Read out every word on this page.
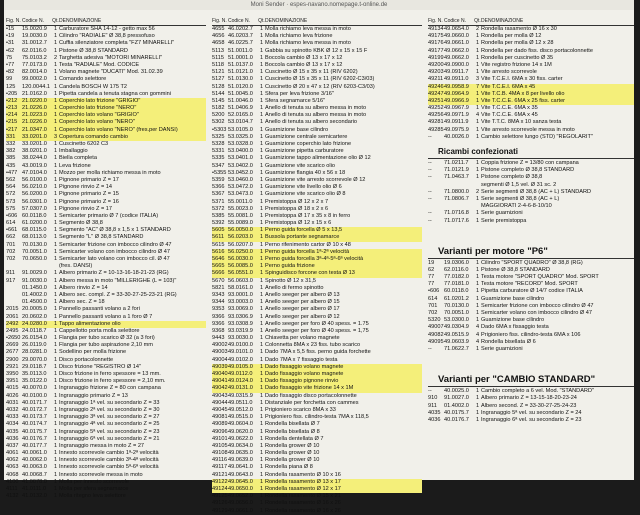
Moni Sender · espes-navano.nomepage.t-online.de
Fig. N. Codice N.	Qt. DENOMINAZIONE
•15	15.0020.9	1 Carburatore SHA 14-12 - getto max 56
•19	19.0030.0	1 Cilindro "RADIALE" Ø 38,8 pressofuso
•31	31.0012.7	1 Cuffia silenziatore completa "FZ7 MINARELLI"
•62	62.0116.0	1 Pistone Ø 38,8 STANDARD
75	75.0103.2	2 Targhetta adesiva "MOTORI MINARELLI"
•77	77.0173.0	1 Testa "RADIALE" Mod. CODICE
•82	82.0014.0	1 Volano magnete "DUCATI" Mod. 31.02.39
99	99.0002.0	1 Comando selettore
125	120.0044.1 1 Candela BOSCH W 175 T2
•205 21.0162.0	1 Pipetta candela a tenuta stagna con gommini
•212 21.0220.0	1 Coperchio lato frizione "GRIGIO"
•213 21.0226.0	1 Coperchio lato frizione "NERO"
•214 21.0223.0	1 Coperchio lato volano "GRIGIO"
•215 21.0226.0	1 Coperchio lato volano "NERO"
•217 21.0347.0	1 Coperchio lato volano "NERO" (fres.per DANSI)
331	33.0201.0	3 Copertura comando cambio
332	33.0201.0	1 Cuscinetto 6202 C3
382	38.0201.0	1 Imballaggio
385	38.0244.0	1 Biella completa
435	43.0019.0	1 Leva frizione
•477 47.0104.0	1 Mozzo per molla richiamo messa in moto
562	56.0100.0	1 Pignone primario Z = 17
564	56.0210.0	1 Pignone rinvio Z = 14
572	56.0200.0	1 Pignone primario Z = 15
573	56.0301.0	1 Pignone primario Z = 16
575	57.0307.0	1 Pignone rinvio Z = 17
•606 60.0118.0	1 Semicarter primario Ø 7 (codice ITALIA)
614	61.0200.0	1 Segmento Ø 38,8
•661 68.0115.0	1 Segmento "AC" Ø 38,8 x 1,5 x 1 STANDARD
662	68.0113.0	1 Segmento "L" Ø 38,8 STANDARD
701	70.0130.0	1 Semicarter frizione con imbocco cilindro Ø 47
702	70.0051.0	1 Semicarter volano con imbocco cilindro Ø 47
702	70.0650.0	1 Semicarter lato volano con imbocco cil. Ø 47
(fres. DANSI)
911	91.0029.0	1 Albero primario Z = 10-13-16-18-21-23 (RG)
917	91.0030.0	1 Albero messa in moto "MILLERIGHE (L = 103)"
01.1450.0	1 Albero rinvio Z = 14
01.4002.0	1 Albero sec. compl. Z = 33-30-27-25-23-21 (RG)
01.4500.0	1 Albero sec. Z = 18
2015 20.0005.0	1 Pannello passanti volano a 2 fori
2061 20.0602.0	1 Pannello passanti volano a 1 foro Ø 7
2492 24.0280.0	1 Tappo alimentazione olio
2495 24.0118.7	1 Cappellotto porta molla selettore
•2650 26.0154.0	1 Flangia per tubo scarico Ø 32 (a 3 fori)
2669 26.0119.0	1 Flangia per tubo aspirazione 2,10 mm
2677 28.0281.0	1 Sodellino per molla frizione
2900 29.0070.0	1 Disco portacolonnette
2921 29.0118.7	1 Disco frizione "REGISTRO Ø 14"
3950 35.0113.0	1 Disco frizione in ferro spessore = 13 mm.
3951 35.0122.0	1 Disco frizione in ferro spessore = 2,10 mm.
4015 40.0070.0	1 Ingranaggio frizione Z = 80 con campana
4026 40.0100.0	1 Ingranaggio primario Z = 13
4031 40.0171.7	1 Ingranaggio 1ª vel. su secondario Z = 33
4032 40.0172.7	1 Ingranaggio 2ª vel. su secondario Z = 30
4033 40.0173.7	1 Ingranaggio 3ª vel. su secondario Z = 27
4034 40.0174.7	1 Ingranaggio 4ª vel. su secondario Z = 25
4035 40.0175.7	1 Ingranaggio 5ª vel. su secondario Z = 23
4036 40.0176.7	1 Ingranaggio 6ª vel. su secondario Z = 21
4037 40.0177.7	1 Ingranaggio messa in moto Z = 27
4061 40.0061.0	1 Innesto scorrevole cambio 1ª-2ª velocità
4062 40.0062.0	1 Innesto scorrevole cambio 3ª-4ª velocità
4063 40.0063.0	1 Innesto scorrevole cambio 5ª-6ª velocità
4068 40.0068.7	1 Innesto scorrevole messa in moto
4100 41.0078.0	1 Molla per innesto scorrevole
4111 41.0111.0	1 Molla per sfera segnamarce
4132 41.0132.0	1 Molla ritegno leva selettore
Fig. N. Codice N.	Qt. DENOMINAZIONE
4655 46.0202.7	1 Molla richiamo leva messa in moto
4656 46.0203.7	1 Molla richiamo leva frizione
4658 46.0225.7	1 Molla richiamo leva messa in moto
5113 51.0011.0	1 Gabbia su spinotto KBK Ø 12 x 15 x 15 F
5115 51.0001.0	1 Boccola cambio Ø 13 x 17 x 12
5118 51.0137.0	1 Boccola cambio Ø 13 x 17 x 12
5121 51.0121.0	1 Cuscinetto Ø 15 x 35 x 11 (RIV 6202)
5127 51.0130.0	1 Cuscinetto Ø 15 x 35 x 11 (RIV 6202-C3/03)
5128 51.0120.0	1 Cuscinetto Ø 20 x 47 x 12 (RIV 6203-C3/03)
5144 51.0045.0	1 Sfera per leva frizione 3/16"
5145 51.0046.0	1 Sfera segnamarce 5/16"
5182 51.0406.9	1 Anello di tenuta su albero messa in moto
5200 52.0165.0	1 Anello di tenuta su albero messa in moto
5302 53.0104.7	1 Anello di tenuta su albero secondario
•5303 53.0105.0	1 Guarnizione base cilindro
5325 53.0325.0	1 Guarnizione centrale semicartere
5328 53.0328.0	1 Guarnizione coperchio lato frizione
5331 53.0400.0	1 Guarnizione pipetta carburatore
5335 53.0401.0	1 Guarnizione tappo alimentazione olio Ø 12
5347 53.0402.0	1 Guarnizione vite scarico olio
•5355 53.0452.0	1 Guarnizione flangia 40 x 56 x 18
5359 53.0460.0	1 Guarnizione vite arresto scorrevole Ø 12
5366 53.0472.0	1 Guarnizione vite livello olio Ø 6
5367 53.0473.0	1 Guarnizione vite scarico olio Ø 8
5371 55.0011.0	1 Premistoppa Ø 12 x 2 x 7
5372 55.0023.0	1 Premistoppa Ø 18 x 2 x 6
5385 55.0081.0	1 Premistoppa Ø 17 x 35 x 8 in ferro
5392 55.0089.0	1 Premistoppa Ø 12 x 15 x 6
5605 56.0050.0	1 Perno guida forcella Ø 5 x 13,5
5611 56.0203.0	1 Bussola portante segnamarce
5615 56.0207.0	1 Perno rifenimento cartor Ø 10 x 48
5616 56.0250.0	1 Perno guida forcella 1ª-2ª velocità
5646 56.0030.0	1 Perno guida forcella 3ª-4ª-5ª-6ª velocità
5665 56.0085.0	1 Perno guida frizione
5666 56.0551.0	1 Spinguidisco forcone con testa Ø 13
5670 56.0603.0	1 Spinotto Ø 12 x 31,5
5821 58.0161.0	1 Anello di fermo spinotto
9343 93.0001.0	1 Anello seeger per albero Ø 13
9344 93.0003.0	1 Anello seeger per albero Ø 15
9353 93.0069.0	1 Anello seeger per albero Ø 17
9366 93.0306.9	1 Anello seeger per albero Ø 12
9366 93.0308.9	1 Anello seeger per foro Ø 40 spess. = 1.75
9368 93.0319.9	1 Anello seeger per foro Ø 40 spess. = 1,75
9443 93.0030.0	1 Chiavetta per volano magnete
49002 49.0100.0	1 Colonnetta 8MA x 23 fiss. tubo scarico
49003 49.0101.0	1 Dado 7MA x 5,5 fiss. perno guida forchette
49004 49.0102.0	1 Dado 7MA x 7 fissaggio testa
49039 49.0105.0	1 Dado fissaggio volano magnete
49040 49.0112.0	1 Dado fissaggio volano magnete
49041 49.0124.0	1 Dado fissaggio pignone rinvio
49042 49.0131.0	1 Dado fissaggio vite frizione 14 x 1M
49043 49.0315.9	1 Dado fissaggio disco portacolonnette
49044 49.0511.0	1 Distanziale per forchetta con cammes
49045 49.0512.0	1 Prigioniero scarico 8MA x 33
49081 49.0515.0	1 Prigioniero fiss. cilindro-testa 7MA x 118,5
49089 49.0604.0	1 Rondella bisellata Ø 7
49096 49.0620.0	1 Rondella bisellata Ø 8
49101 49.0622.0	1 Rondella dentellata Ø 7
49105 49.0634.0	1 Rondella grower Ø 10
49108 49.0635.0	1 Rondella grower Ø 10
49116 49.0639.0	1 Rondella grower Ø 10
49117 49.0641.0	1 Rondella piana Ø 8
49121 49.0643.0	1 Rondella rasamento Ø 10 x 16
49122 49.0645.0	1 Rondella rasamento Ø 13 x 17
49124 49.0650.0	1 Rondella rasamento Ø 12 x 17
49125 49.0652.0	1 Rondella rasamento Ø 15 x 21
49126 49.0656.0	1 Rondella rasamento Ø 16 x 26
49129 49.0661.0	1 Rondella rasamento Ø 16 x 26
Fig. N. Codice N.	Qt. DENOMINAZIONE
49134 49.0654.0	2 Rondella rasamento Ø 16 x 30
49175 49.0660.0	1 Rondella per molla Ø 12
49176 49.0661.0	1 Rondella per molla Ø 12 x 28
49177 49.0662.0	1 Rondella per dado fiss. disco portacolonnette
49199 49.0662.0	1 Rondella per cuscinetto Ø 35
49200 49.0900.0	1 Vite registro frizione 14 x 1M
49203 49.0911.7	1 Vite arresto scorrevole
49211 49.0911.0	3 Vite T.C.E.I. 6MA x 30 fiss. carter
49246 49.0958.9	7 Vite T.C.E.I. 6MA x 45
49247 49.0964.9	1 Vite T.C.B. 4MA x 8 per livello olio
49251 49.0966.9	1 Vite T.C.C.E. 6MA x 25 fiss. carter
49252 49.0967.9	1 Vite T.C.C.E. 6MA x 35
49256 49.0971.9	4 Vite T.C.C.E. 6MA x 45
49281 49.0911.9	1 Vite T.T.C. 8MA x 10 sanza testa
49285 49.0975.9	1 Vite arresto scorrevole messa in moto
--	40.0026.0	1 Cambio selettore lungo (STD) "REGOLARIT"
Ricambi confezionati
--	71.0211.7	1 Coppia frizione Z = 13/80 con campana
--	71.0121.9	1 Pistone completo Ø 38,8 STANDARD
--	71.0463.7	1 Pistone completo Ø 38,8
segmenti Ø 1,5 vel. Ø 31 sc. 2
--	71.0800.0	2 Serie segmenti Ø 38,8 (AC + L) STANDARD
--	71.0806.7	1 Serie segmenti Ø 38,8 (AC + L)
MAGGIORATI 2-4-6-8-10/10
--	71.0716.8	1 Serie guarnizioni
--	71.0717.6	1 Serie premistoppa
Varianti per motore "P6"
19	19.0306.0	1 Cilindro "SPORT QUADRO" Ø 38,8 (RG)
62	62.0116.0	1 Pistone Ø 38,8 STANDARD
77	77.0182.0	1 Testa motore "SPORT QUADRO" Mod. SPORT
77	77.0181.0	1 Testa motore "RECORD" Mod. SPORT
•606 60.0118.0	1 Pipetta carburatore Ø 14/7 codice ITALIA
614	61.0201.2	1 Guarnizione base cilindro
701	70.0130.0	1 Semicarter frizione con imbocco cilindro Ø 47
702	70.0051.0	1 Semicarter volano con imbocco cilindro Ø 47
5320 53.0300.0	1 Guarnizione base cilindro
49007 49.0304.9	4 Dado 6MA x fissaggio testa
49082 49.0515.9	4 Prigioniero fiss. cilindro-testa 6MA x 106
49095 49.0603.9	4 Rondella bisellata Ø 6
--	71.0622.7	1 Serie guarnizioni
Varianti per "CAMBIO STANDARD"
--	40.0025.0	1 Cambio completo a 6 vel. Mod. "STANDARD"
910	91.0027.0	1 Albero primario Z = 13-15-18-20-23-24
911	01.4002.0	1 Albero second. Z = 33-30-27-25-24-23
4035 40.0175.7	1 Ingranaggio 5ª vel. su secondario Z = 24
4036 40.0176.7	1 Ingranaggio 6ª vel. su secondario Z = 23
